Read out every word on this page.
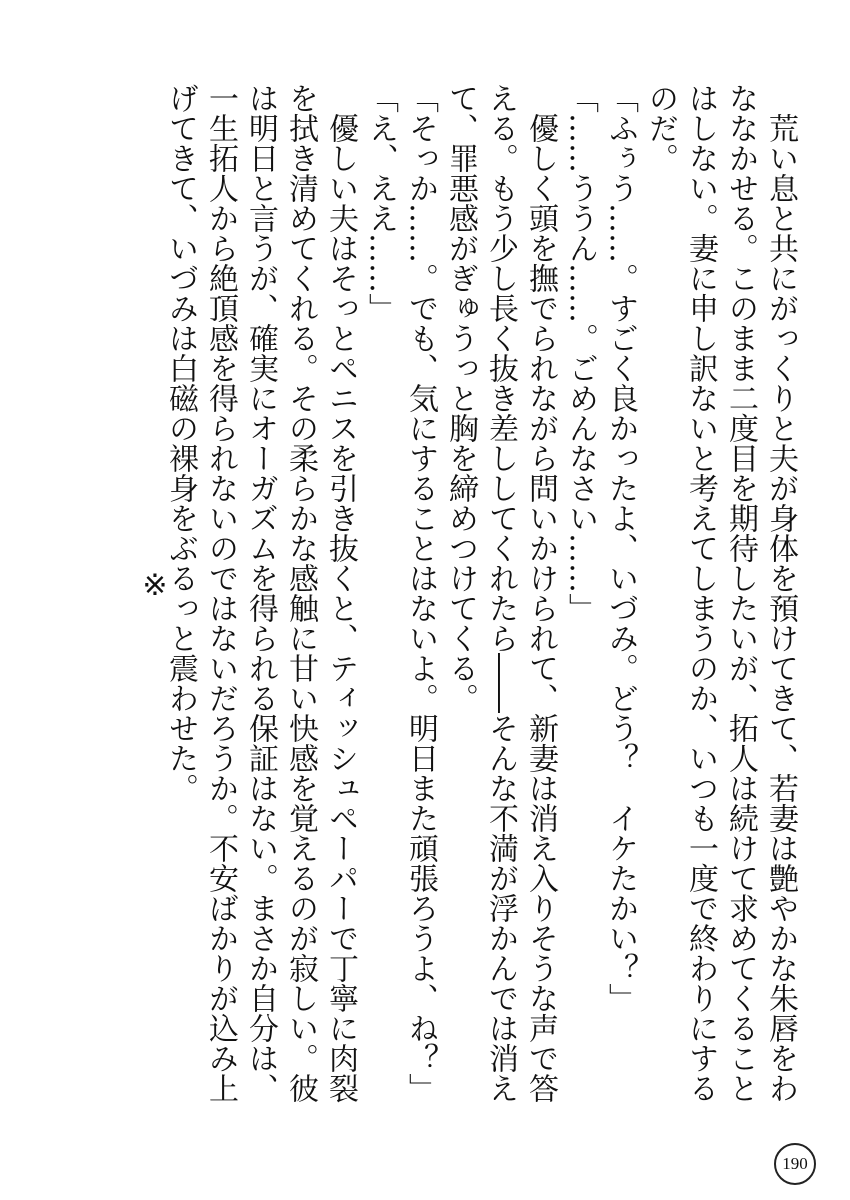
　荒い息と共にがっくりと夫が身体を預けてきて、若妻は艶やかな朱唇をわななかせる。このまま二度目を期待したいが、拓人は続けて求めてくることはしない。妻に申し訳ないと考えてしまうのか、いつも一度で終わりにするのだ。

「ふぅう……。すごく良かったよ、いづみ。どう？　イケたかい？」

「……ううん……。ごめんなさい……」

　優しく頭を撫でられながら問いかけられて、新妻は消え入りそうな声で答える。もう少し長く抜き差ししてくれたら――そんな不満が浮かんでは消えて、罪悪感がぎゅうっと胸を締めつけてくる。

「そっか……。でも、気にすることはないよ。明日また頑張ろうよ、ね？」

「え、ええ……」

　優しい夫はそっとペニスを引き抜くと、ティッシュペーパーで丁寧に肉裂を拭き清めてくれる。その柔らかな感触に甘い快感を覚えるのが寂しい。彼は明日と言うが、確実にオーガズムを得られる保証はない。まさか自分は、一生拓人から絶頂感を得られないのではないだろうか。不安ばかりが込み上げてきて、いづみは白磁の裸身をぶるっと震わせた。

※
190
